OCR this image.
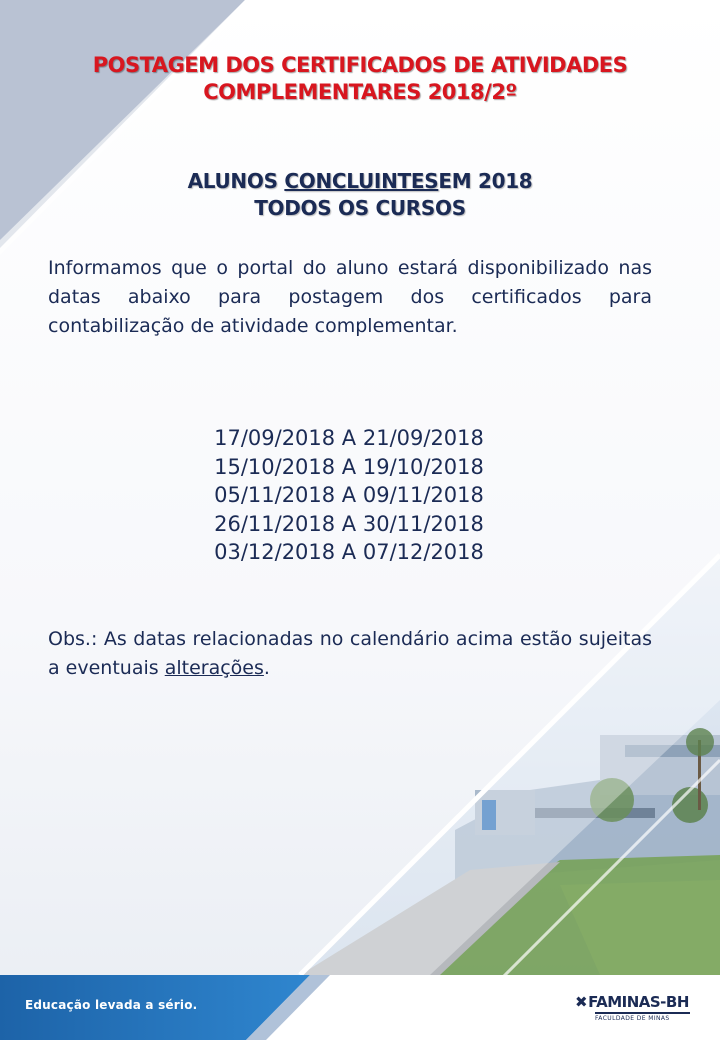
POSTAGEM DOS CERTIFICADOS DE ATIVIDADES
COMPLEMENTARES 2018/2º
ALUNOS CONCLUINTESEM 2018
TODOS OS CURSOS
Informamos que o portal do aluno estará disponibilizado nas datas abaixo para postagem dos certificados para contabilização de atividade complementar.
17/09/2018 A 21/09/2018
15/10/2018 A 19/10/2018
05/11/2018 A 09/11/2018
26/11/2018 A 30/11/2018
03/12/2018 A 07/12/2018
Obs.: As datas relacionadas no calendário acima estão sujeitas a eventuais alterações.
Educação levada a sério.	✖FAMINAS-BH
FACULDADE DE MINAS
